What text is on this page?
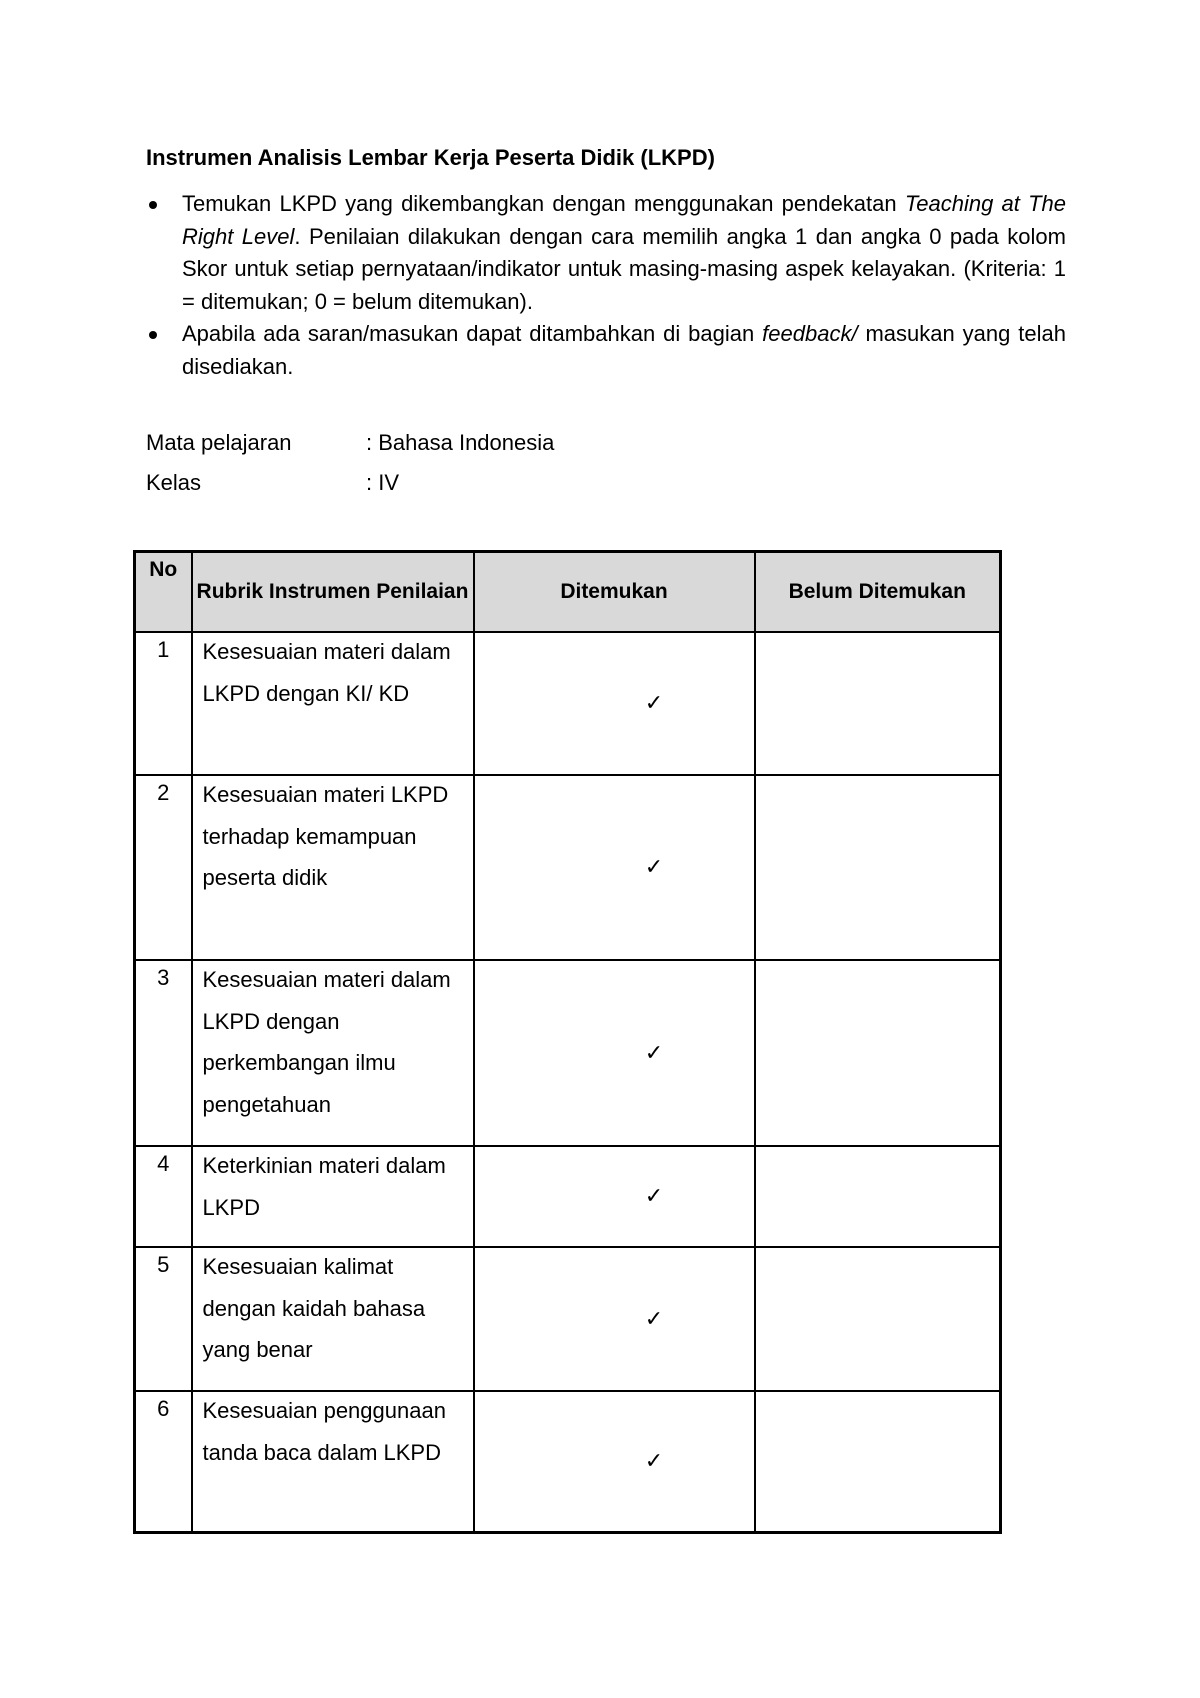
Instrumen Analisis Lembar Kerja Peserta Didik (LKPD)

Temukan LKPD yang dikembangkan dengan menggunakan pendekatan Teaching at The Right Level. Penilaian dilakukan dengan cara memilih angka 1 dan angka 0 pada kolom Skor untuk setiap pernyataan/indikator untuk masing-masing aspek kelayakan. (Kriteria: 1 = ditemukan; 0 = belum ditemukan).

Apabila ada saran/masukan dapat ditambahkan di bagian feedback/ masukan yang telah disediakan.

Mata pelajaran	: Bahasa Indonesia
Kelas	: IV
No	Rubrik Instrumen Penilaian	Ditemukan	Belum Ditemukan
1	Kesesuaian materi dalam LKPD dengan KI/ KD	✓	
2	Kesesuaian materi LKPD terhadap kemampuan peserta didik	✓	
3	Kesesuaian materi dalam LKPD dengan perkembangan ilmu pengetahuan	✓	
4	Keterkinian materi dalam LKPD	✓	
5	Kesesuaian kalimat dengan kaidah bahasa yang benar	✓	
6	Kesesuaian penggunaan tanda baca dalam LKPD	✓	
